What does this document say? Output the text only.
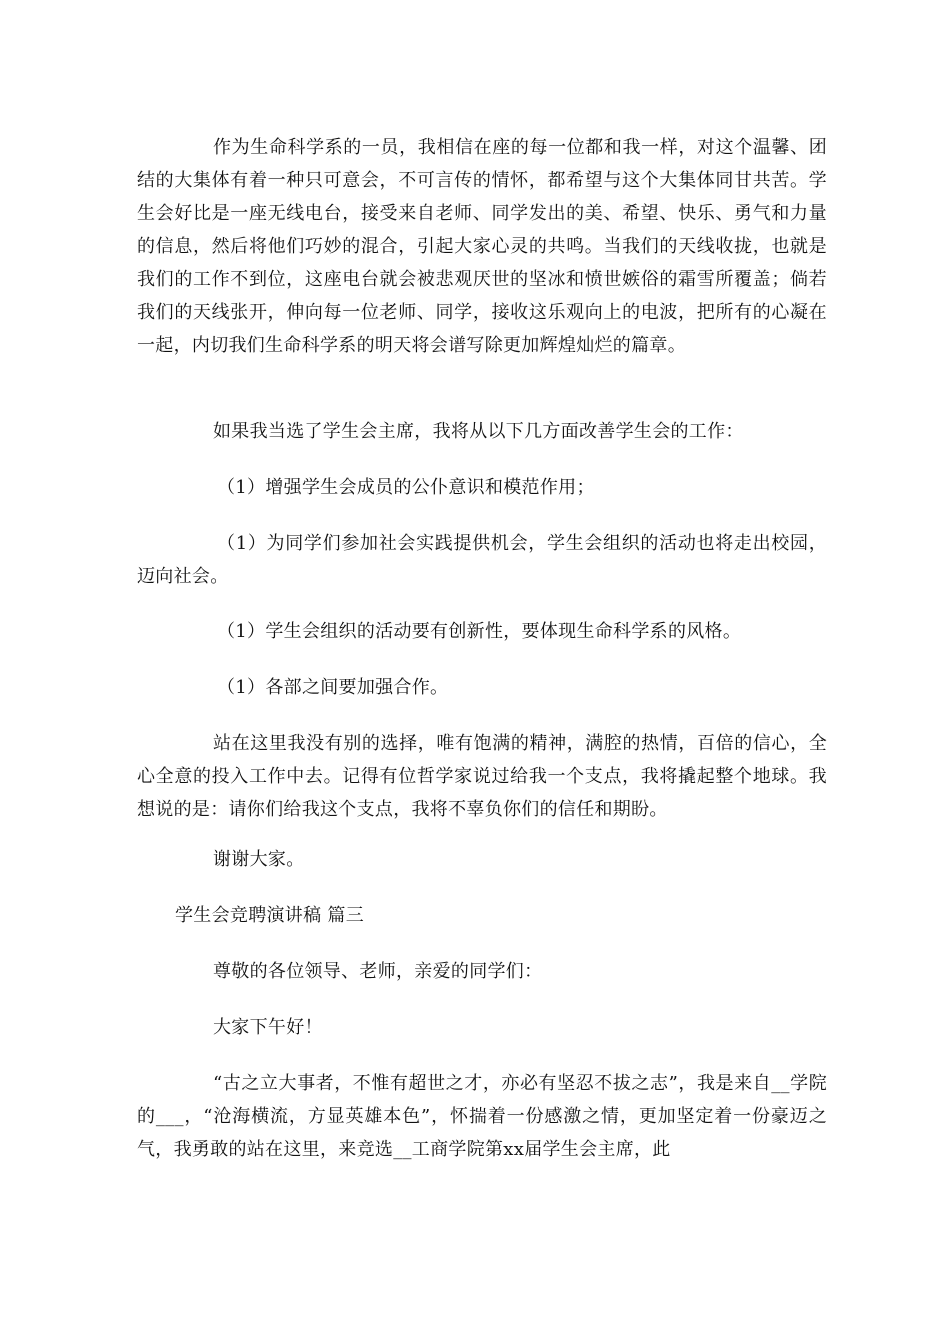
作为生命科学系的一员，我相信在座的每一位都和我一样，对这个温馨、团结的大集体有着一种只可意会，不可言传的情怀，都希望与这个大集体同甘共苦。学生会好比是一座无线电台，接受来自老师、同学发出的美、希望、快乐、勇气和力量的信息，然后将他们巧妙的混合，引起大家心灵的共鸣。当我们的天线收拢，也就是我们的工作不到位，这座电台就会被悲观厌世的坚冰和愤世嫉俗的霜雪所覆盖；倘若我们的天线张开，伸向每一位老师、同学，接收这乐观向上的电波，把所有的心凝在一起，内切我们生命科学系的明天将会谱写除更加辉煌灿烂的篇章。

如果我当选了学生会主席，我将从以下几方面改善学生会的工作：

（1）增强学生会成员的公仆意识和模范作用；

（1）为同学们参加社会实践提供机会，学生会组织的活动也将走出校园，迈向社会。

（1）学生会组织的活动要有创新性，要体现生命科学系的风格。

（1）各部之间要加强合作。

站在这里我没有别的选择，唯有饱满的精神，满腔的热情，百倍的信心，全心全意的投入工作中去。记得有位哲学家说过给我一个支点，我将撬起整个地球。我想说的是：请你们给我这个支点，我将不辜负你们的信任和期盼。

谢谢大家。

学生会竞聘演讲稿 篇三

尊敬的各位领导、老师，亲爱的同学们：

大家下午好！

“古之立大事者，不惟有超世之才，亦必有坚忍不拔之志”，我是来自__学院的___，“沧海横流，方显英雄本色”，怀揣着一份感激之情，更加坚定着一份豪迈之气，我勇敢的站在这里，来竞选__工商学院第xx届学生会主席，此
